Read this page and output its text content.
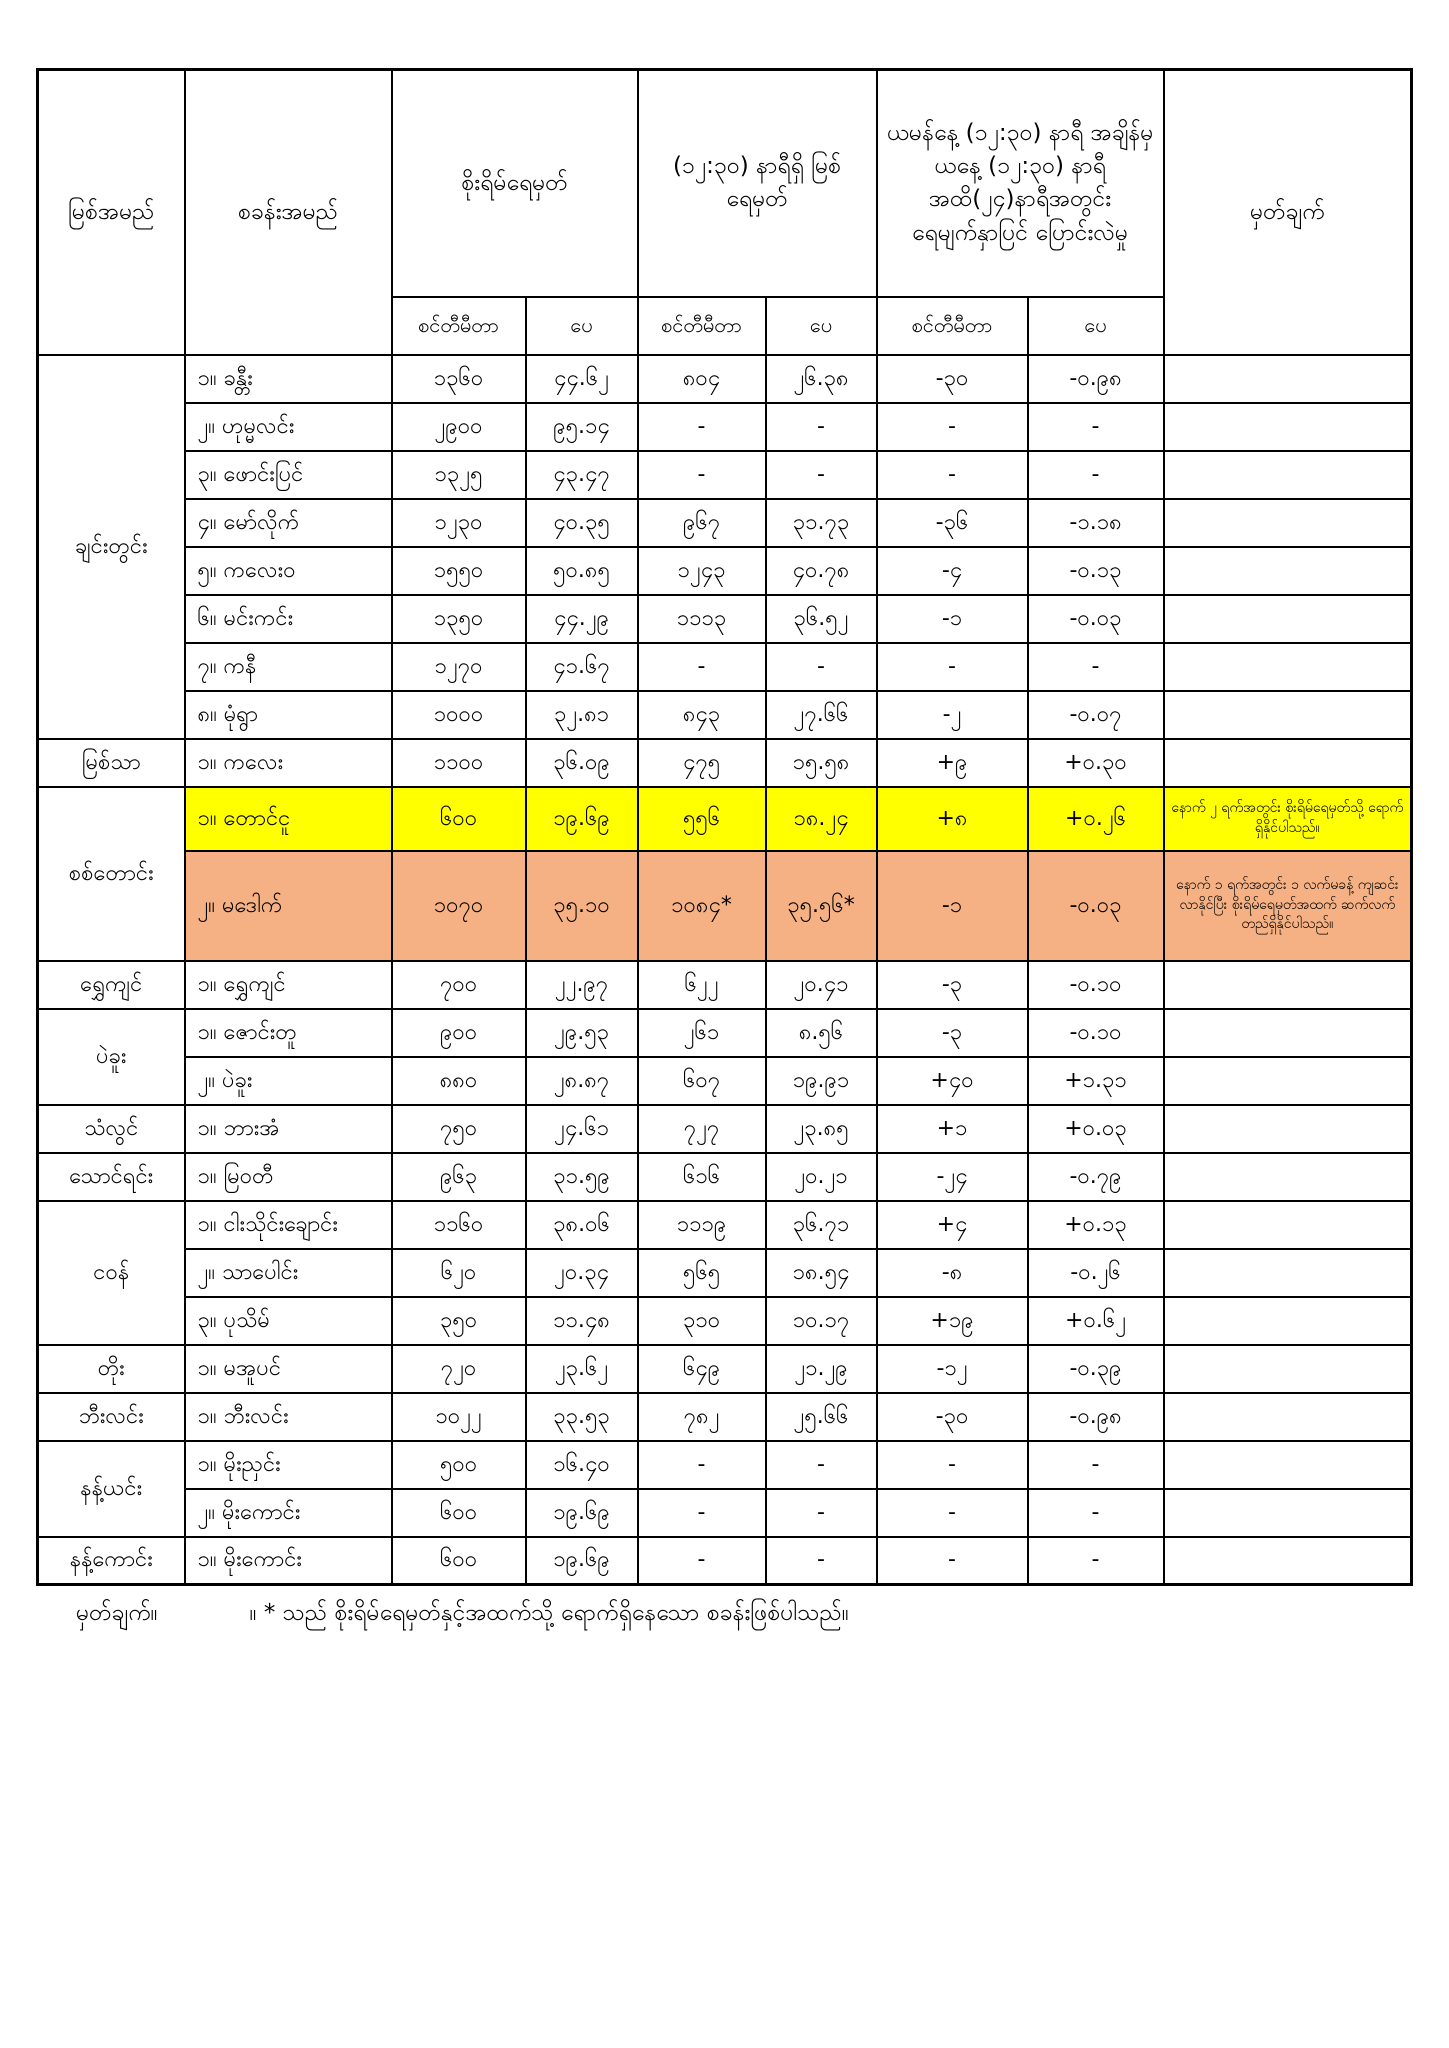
မြစ်အမည်	စခန်းအမည်	စိုးရိမ်ရေမှတ်		(၁၂:၃၀) နာရီရှိ မြစ်ရေမှတ်		ယမန်နေ့ (၁၂:၃၀) နာရီ အချိန်မှ ယနေ့ (၁၂:၃၀) နာရီအထိ(၂၄)နာရီအတွင်း ရေမျက်နှာပြင် ပြောင်းလဲမှု		မှတ်ချက်
		စင်တီမီတာ	ပေ	စင်တီမီတာ	ပေ	စင်တီမီတာ	ပေ	
ချင်းတွင်း	၁။ ခန္တီး	၁၃၆၀	၄၄.၆၂	၈၀၄	၂၆.၃၈	-၃၀	-၀.၉၈	
	၂။ ဟုမ္မလင်း	၂၉၀၀	၉၅.၁၄	-	-	-	-	
	၃။ ဖောင်းပြင်	၁၃၂၅	၄၃.၄၇	-	-	-	-	
	၄။ မော်လိုက်	၁၂၃၀	၄၀.၃၅	၉၆၇	၃၁.၇၃	-၃၆	-၁.၁၈	
	၅။ ကလေးဝ	၁၅၅၀	၅၀.၈၅	၁၂၄၃	၄၀.၇၈	-၄	-၀.၁၃	
	၆။ မင်းကင်း	၁၃၅၀	၄၄.၂၉	၁၁၁၃	၃၆.၅၂	-၁	-၀.၀၃	
	၇။ ကနီ	၁၂၇၀	၄၁.၆၇	-	-	-	-	
	၈။ မုံရွာ	၁၀၀၀	၃၂.၈၁	၈၄၃	၂၇.၆၆	-၂	-၀.၀၇	
မြစ်သာ	၁။ ကလေး	၁၁၀၀	၃၆.၀၉	၄၇၅	၁၅.၅၈	+၉	+၀.၃၀	
စစ်တောင်း	၁။ တောင်ငူ	၆၀၀	၁၉.၆၉	၅၅၆	၁၈.၂၄	+၈	+၀.၂၆	နောက် ၂ ရက်အတွင်း စိုးရိမ်ရေမှတ်သို့ ရောက်ရှိနိုင်ပါသည်။
	၂။ မဒေါက်	၁၀၇၀	၃၅.၁၀	၁၀၈၄*	၃၅.၅၆*	-၁	-၀.၀၃	နောက် ၁ ရက်အတွင်း ၁ လက်မခန့် ကျဆင်းလာနိုင်ပြီး စိုးရိမ်ရေမှတ်အထက် ဆက်လက်တည်ရှိနိုင်ပါသည်။
ရွှေကျင်	၁။ ရွှေကျင်	၇၀၀	၂၂.၉၇	၆၂၂	၂၀.၄၁	-၃	-၀.၁၀	
ပဲခူး	၁။ ဇောင်းတူ	၉၀၀	၂၉.၅၃	၂၆၁	၈.၅၆	-၃	-၀.၁၀	
	၂။ ပဲခူး	၈၈၀	၂၈.၈၇	၆၀၇	၁၉.၉၁	+၄၀	+၁.၃၁	
သံလွင်	၁။ ဘားအံ	၇၅၀	၂၄.၆၁	၇၂၇	၂၃.၈၅	+၁	+၀.၀၃	
သောင်ရင်း	၁။ မြဝတီ	၉၆၃	၃၁.၅၉	၆၁၆	၂၀.၂၁	-၂၄	-၀.၇၉	
ငဝန်	၁။ ငါးသိုင်းချောင်း	၁၁၆၀	၃၈.၀၆	၁၁၁၉	၃၆.၇၁	+၄	+၀.၁၃	
	၂။ သာပေါင်း	၆၂၀	၂၀.၃၄	၅၆၅	၁၈.၅၄	-၈	-၀.၂၆	
	၃။ ပုသိမ်	၃၅၀	၁၁.၄၈	၃၁၀	၁၀.၁၇	+၁၉	+၀.၆၂	
တိုး	၁။ မအူပင်	၇၂၀	၂၃.၆၂	၆၄၉	၂၁.၂၉	-၁၂	-၀.၃၉	
ဘီးလင်း	၁။ ဘီးလင်း	၁၀၂၂	၃၃.၅၃	၇၈၂	၂၅.၆၆	-၃၀	-၀.၉၈	
နန့်ယင်း	၁။ မိုးညှင်း	၅၀၀	၁၆.၄၀	-	-	-	-	
	၂။ မိုးကောင်း	၆၀၀	၁၉.၆၉	-	-	-	-	
နန့်ကောင်း	၁။ မိုးကောင်း	၆၀၀	၁၉.၆၉	-	-	-	-	
မှတ်ချက်။	။ * သည် စိုးရိမ်ရေမှတ်နှင့်အထက်သို့ ရောက်ရှိနေသော စခန်းဖြစ်ပါသည်။
